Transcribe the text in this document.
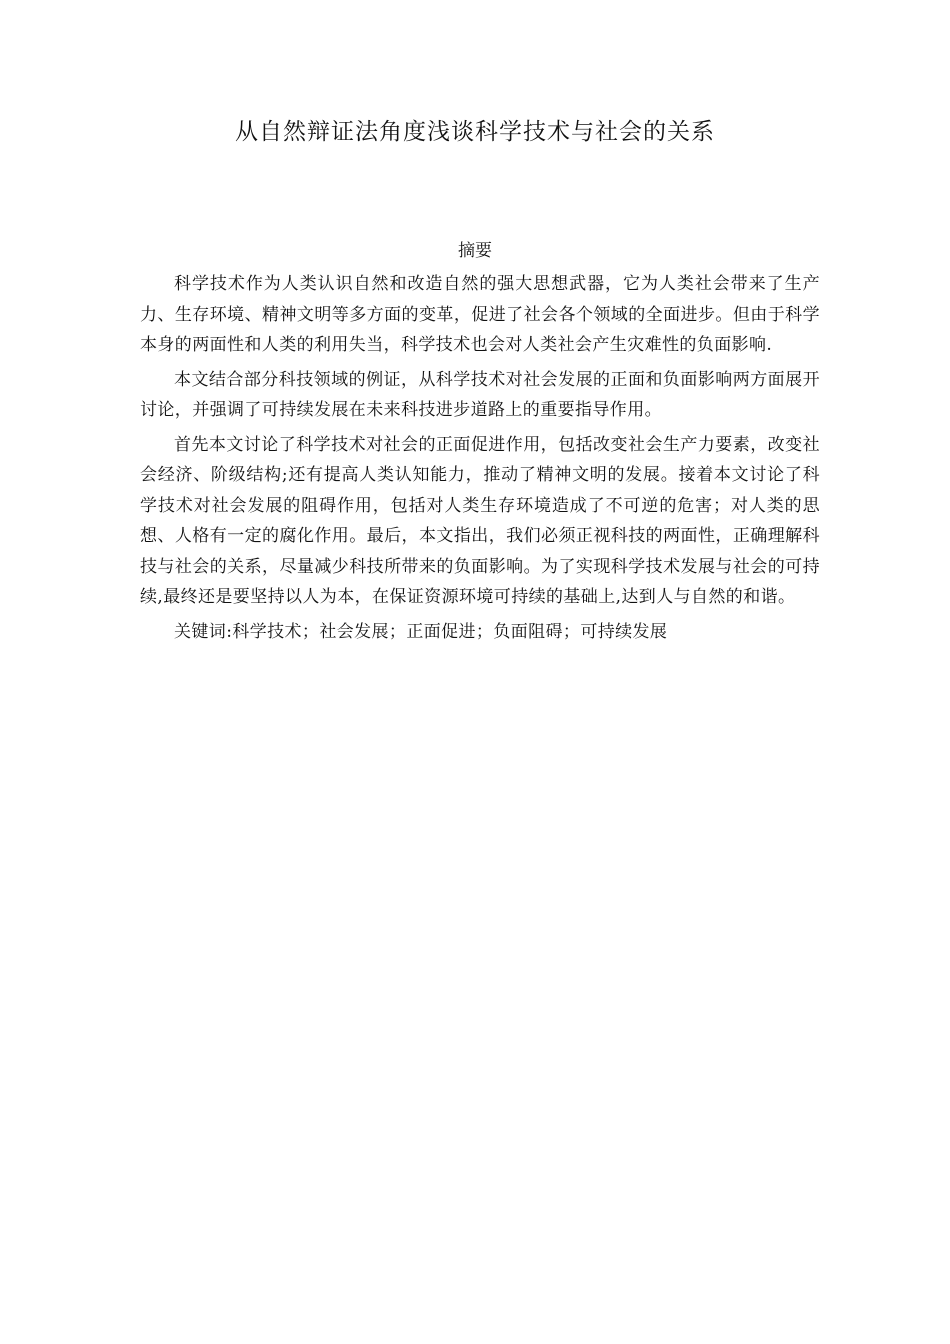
从自然辩证法角度浅谈科学技术与社会的关系
摘要

科学技术作为人类认识自然和改造自然的强大思想武器，它为人类社会带来了生产力、生存环境、精神文明等多方面的变革，促进了社会各个领域的全面进步。但由于科学本身的两面性和人类的利用失当，科学技术也会对人类社会产生灾难性的负面影响.

本文结合部分科技领域的例证，从科学技术对社会发展的正面和负面影响两方面展开讨论，并强调了可持续发展在未来科技进步道路上的重要指导作用。

首先本文讨论了科学技术对社会的正面促进作用，包括改变社会生产力要素，改变社会经济、阶级结构;还有提高人类认知能力，推动了精神文明的发展。接着本文讨论了科学技术对社会发展的阻碍作用，包括对人类生存环境造成了不可逆的危害；对人类的思想、人格有一定的腐化作用。最后，本文指出，我们必须正视科技的两面性，正确理解科技与社会的关系，尽量减少科技所带来的负面影响。为了实现科学技术发展与社会的可持续,最终还是要坚持以人为本，在保证资源环境可持续的基础上,达到人与自然的和谐。

关键词:科学技术；社会发展；正面促进；负面阻碍；可持续发展
